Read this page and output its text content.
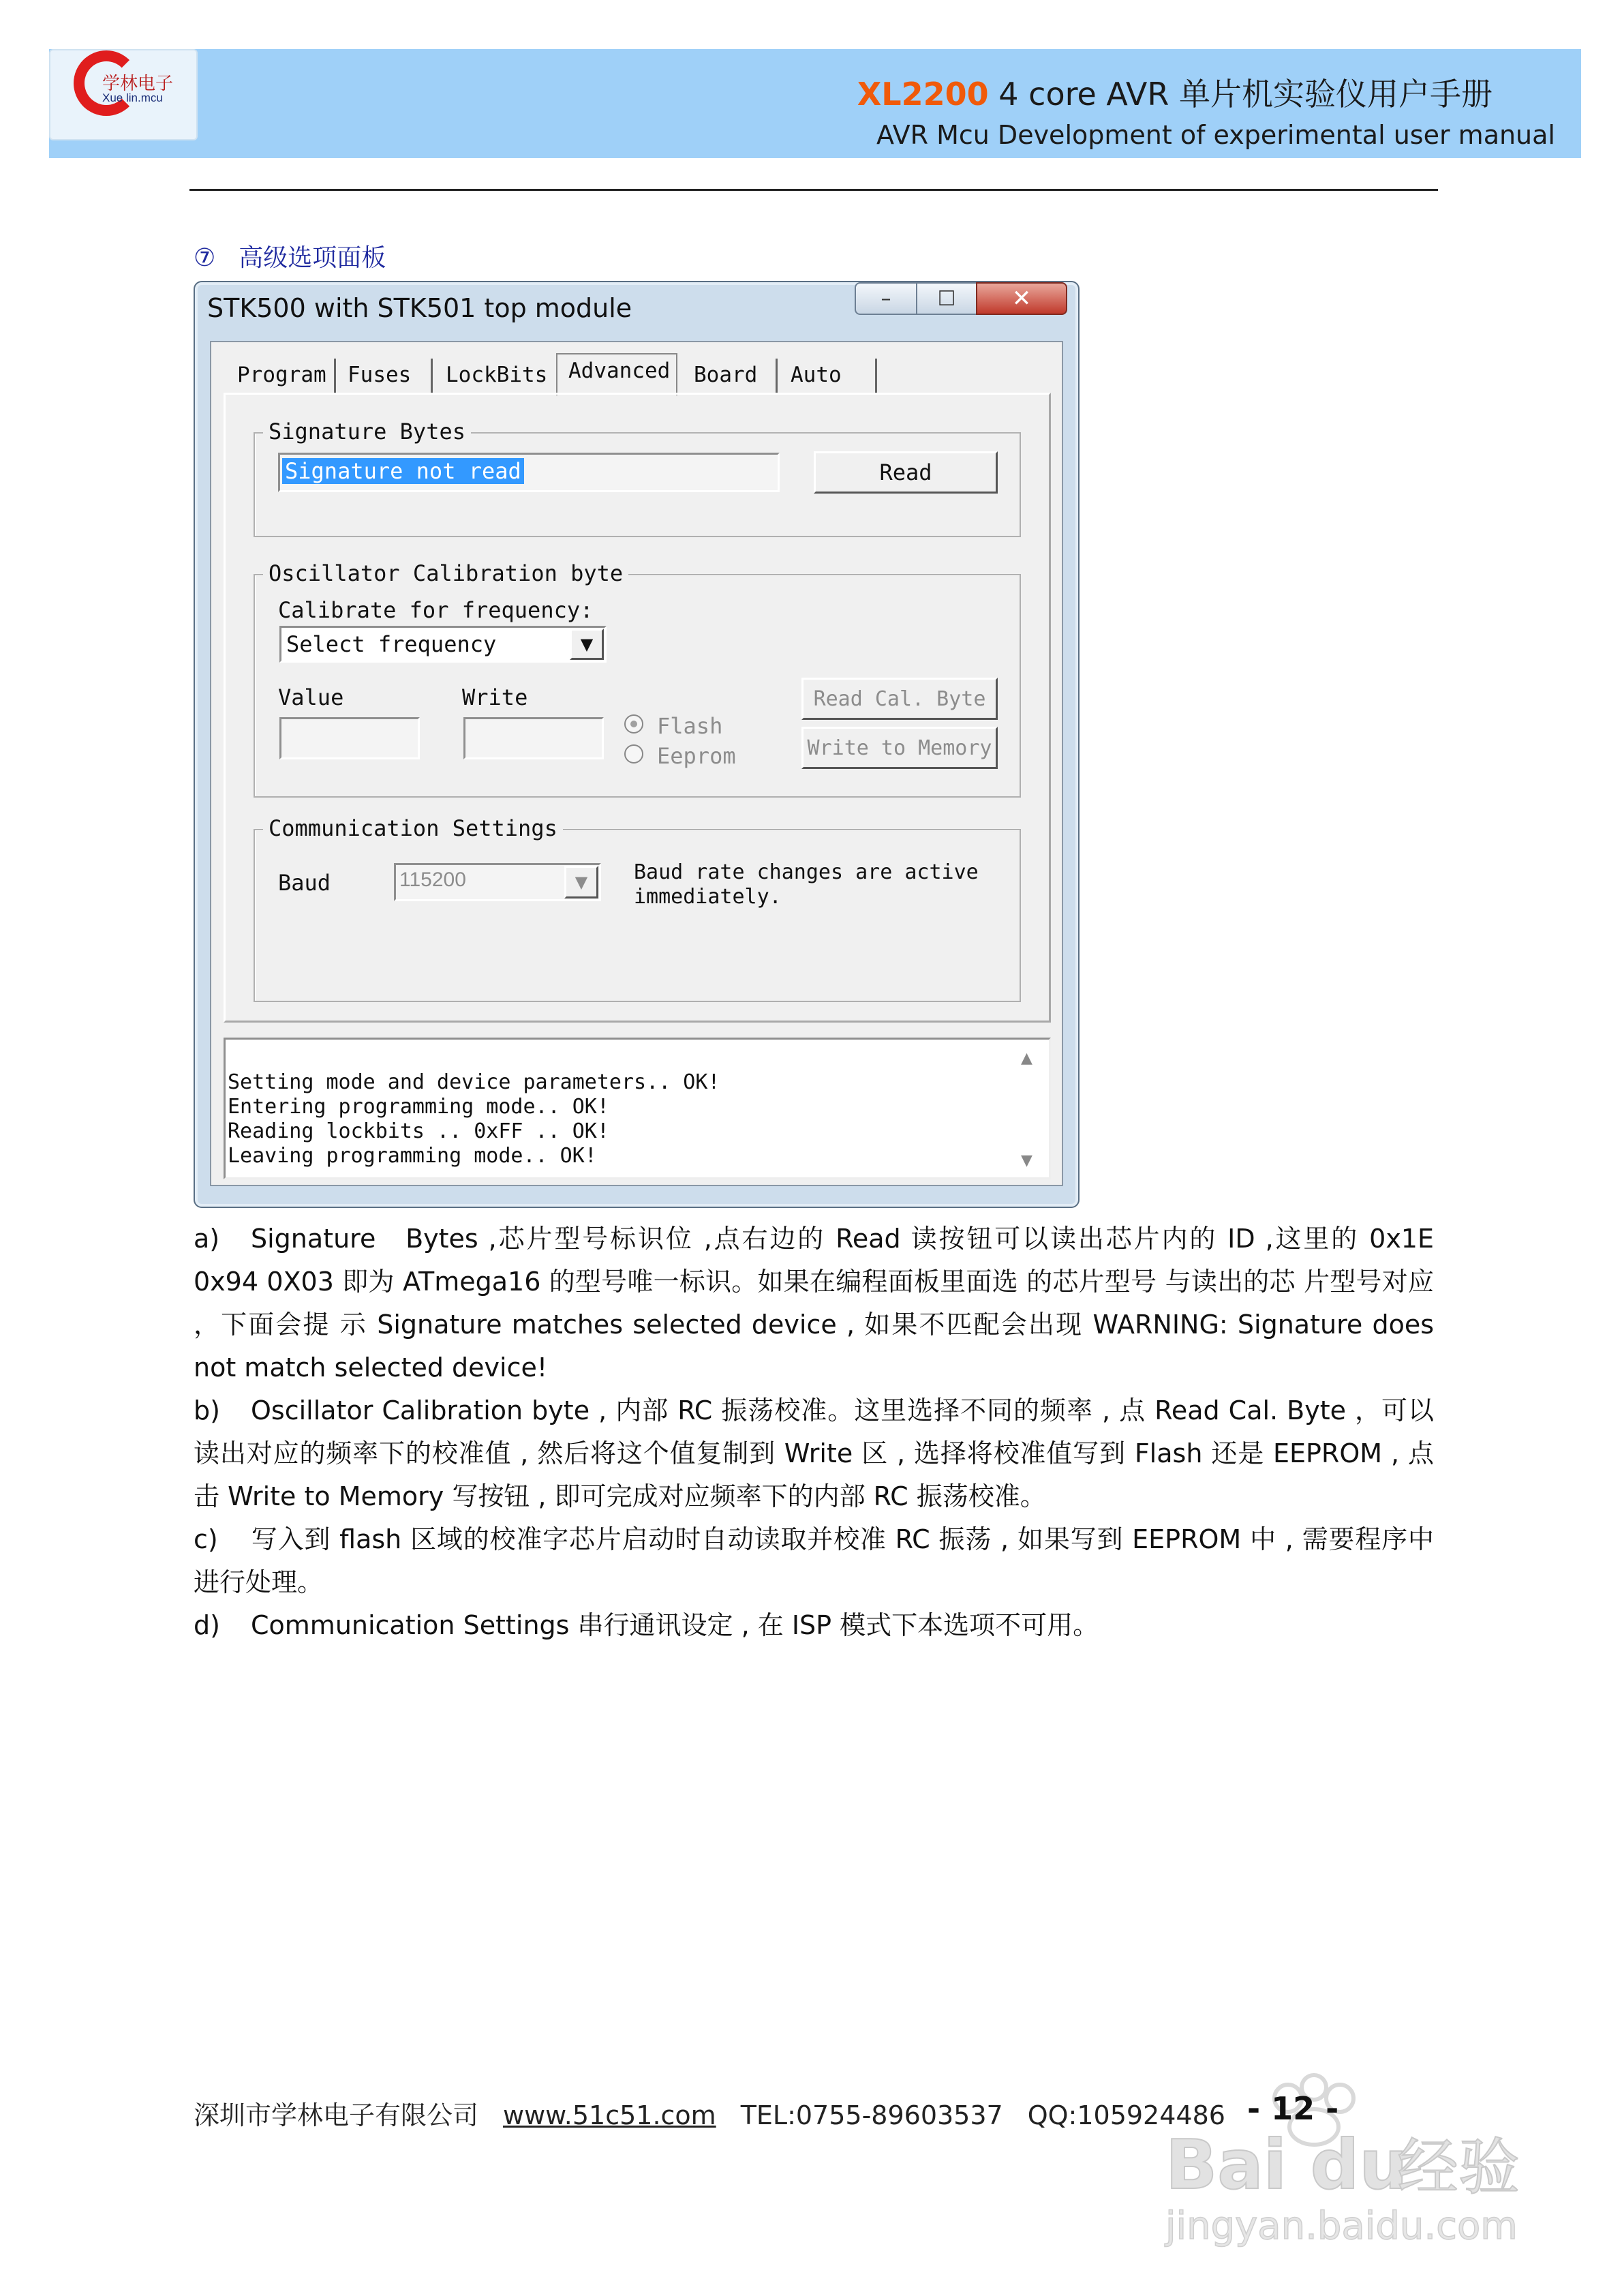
学林电子
Xue lin.mcu	XL2200 4 core AVR 单片机实验仪用户手册
AVR Mcu Development of experimental user manual
⑦ 高级选项面板
STK500 with STK501 top module	–	☐	✕
Program Fuses LockBits Advanced Board Auto
Signature Bytes
Signature not read	Read
Oscillator Calibration byte
Calibrate for frequency:
Select frequency	▼
Value	Write
Flash
Eeprom
Read Cal. Byte
Write to Memory
Communication Settings
Baud	115200	▼	Baud rate changes are active
immediately.
Setting mode and device parameters.. OK!
Entering programming mode.. OK!
Reading lockbits .. 0xFF .. OK!
Leaving programming mode.. OK!
▲
▼
a) Signature　Bytes ,芯片型号标识位 ,点右边的 Read 读按钮可以读出芯片内的 ID ,这里的 0x1E 0x94 0X03 即为 ATmega16 的型号唯一标识。如果在编程面板里面选 的芯片型号 与读出的芯 片型号对应 ，下面会提 示 Signature matches selected device , 如果不匹配会出现 WARNING: Signature does not match selected device!
b) Oscillator Calibration byte , 内部 RC 振荡校准。这里选择不同的频率 , 点 Read Cal. Byte ，可以读出对应的频率下的校准值 , 然后将这个值复制到 Write 区 , 选择将校准值写到 Flash 还是 EEPROM , 点击 Write to Memory 写按钮 , 即可完成对应频率下的内部 RC 振荡校准。
c) 写入到 flash 区域的校准字芯片启动时自动读取并校准 RC 振荡 , 如果写到 EEPROM 中 , 需要程序中进行处理。
d) Communication Settings 串行通讯设定 , 在 ISP 模式下本选项不可用。
Bai du
经验
jingyan.baidu.com
深圳市学林电子有限公司 www.51c51.com TEL:0755-89603537 QQ:105924486 - 12 -
